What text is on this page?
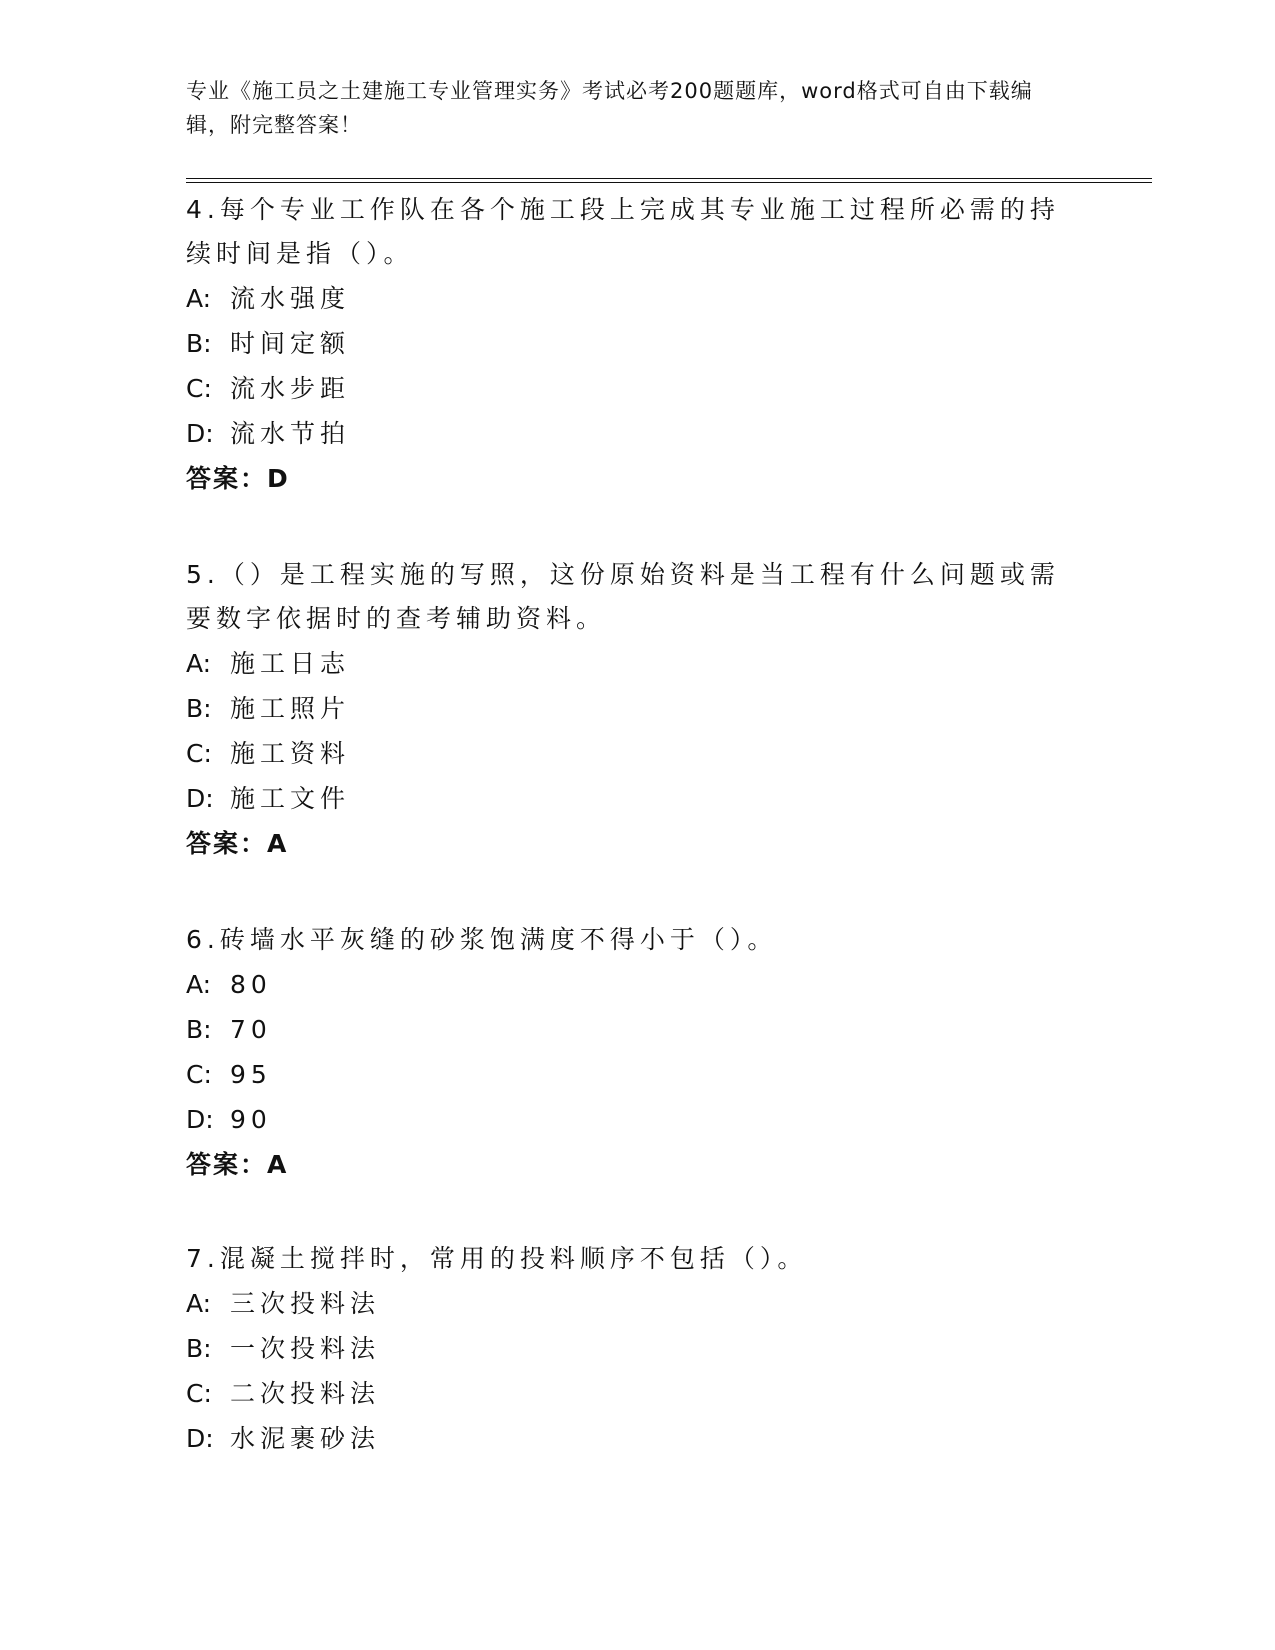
专业《施工员之土建施工专业管理实务》考试必考200题题库，word格式可自由下载编辑，附完整答案！
4.每个专业工作队在各个施工段上完成其专业施工过程所必需的持续时间是指（）。
A: 流水强度
B: 时间定额
C: 流水步距
D: 流水节拍
答案：D
5.（）是工程实施的写照，这份原始资料是当工程有什么问题或需要数字依据时的查考辅助资料。
A: 施工日志
B: 施工照片
C: 施工资料
D: 施工文件
答案：A
6.砖墙水平灰缝的砂浆饱满度不得小于（）。
A: 80
B: 70
C: 95
D: 90
答案：A
7.混凝土搅拌时，常用的投料顺序不包括（）。
A: 三次投料法
B: 一次投料法
C: 二次投料法
D: 水泥裹砂法
